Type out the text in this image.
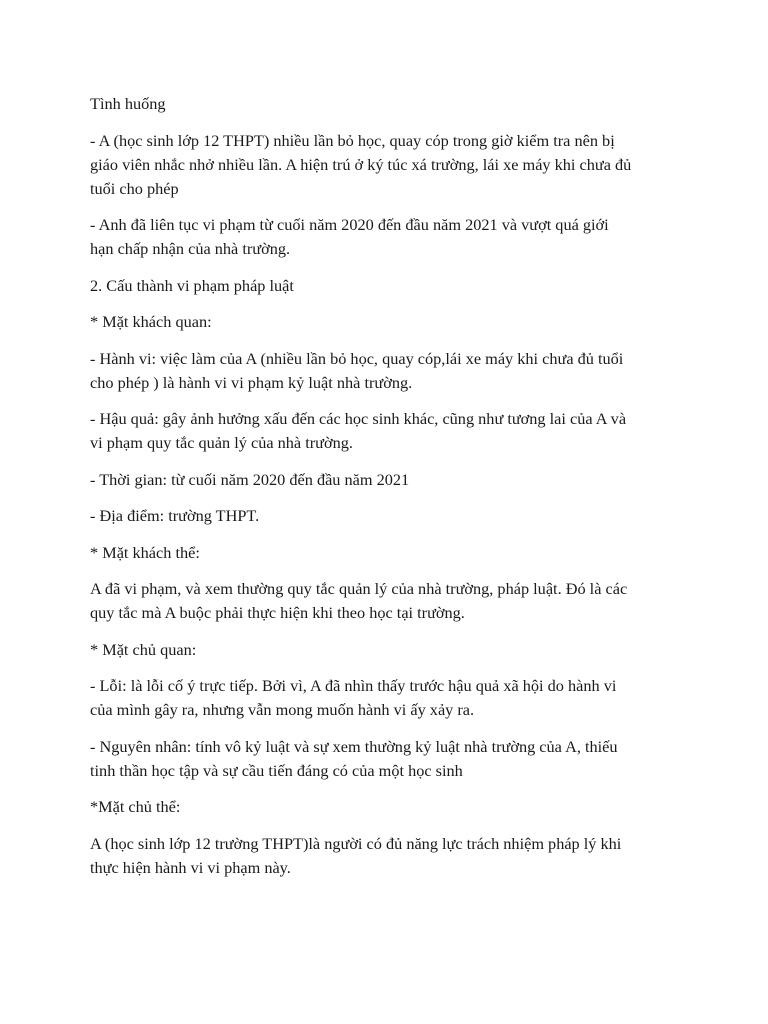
Tình huống

- A (học sinh lớp 12 THPT) nhiều lần bỏ học, quay cóp trong giờ kiểm tra nên bị
giáo viên nhắc nhở nhiều lần. A hiện trú ở ký túc xá trường, lái xe máy khi chưa đủ
tuổi cho phép

- Anh đã liên tục vi phạm từ cuối năm 2020 đến đầu năm 2021 và vượt quá giới
hạn chấp nhận của nhà trường.

2. Cấu thành vi phạm pháp luật

* Mặt khách quan:

- Hành vi: việc làm của A (nhiều lần bỏ học, quay cóp,lái xe máy khi chưa đủ tuổi
cho phép ) là hành vi vi phạm kỷ luật nhà trường.

- Hậu quả: gây ảnh hưởng xấu đến các học sinh khác, cũng như tương lai của A và
vi phạm quy tắc quản lý của nhà trường.

- Thời gian: từ cuối năm 2020 đến đầu năm 2021

- Địa điểm: trường THPT.

* Mặt khách thể:

A đã vi phạm, và xem thường quy tắc quản lý của nhà trường, pháp luật. Đó là các
quy tắc mà A buộc phải thực hiện khi theo học tại trường.

* Mặt chủ quan:

- Lỗi: là lỗi cố ý trực tiếp. Bởi vì, A đã nhìn thấy trước hậu quả xã hội do hành vi
của mình gây ra, nhưng vẫn mong muốn hành vi ấy xảy ra.

- Nguyên nhân: tính vô kỷ luật và sự xem thường kỷ luật nhà trường của A, thiếu
tinh thần học tập và sự cầu tiến đáng có của một học sinh

*Mặt chủ thể:

A (học sinh lớp 12 trường THPT)là người có đủ năng lực trách nhiệm pháp lý khi
thực hiện hành vi vi phạm này.
